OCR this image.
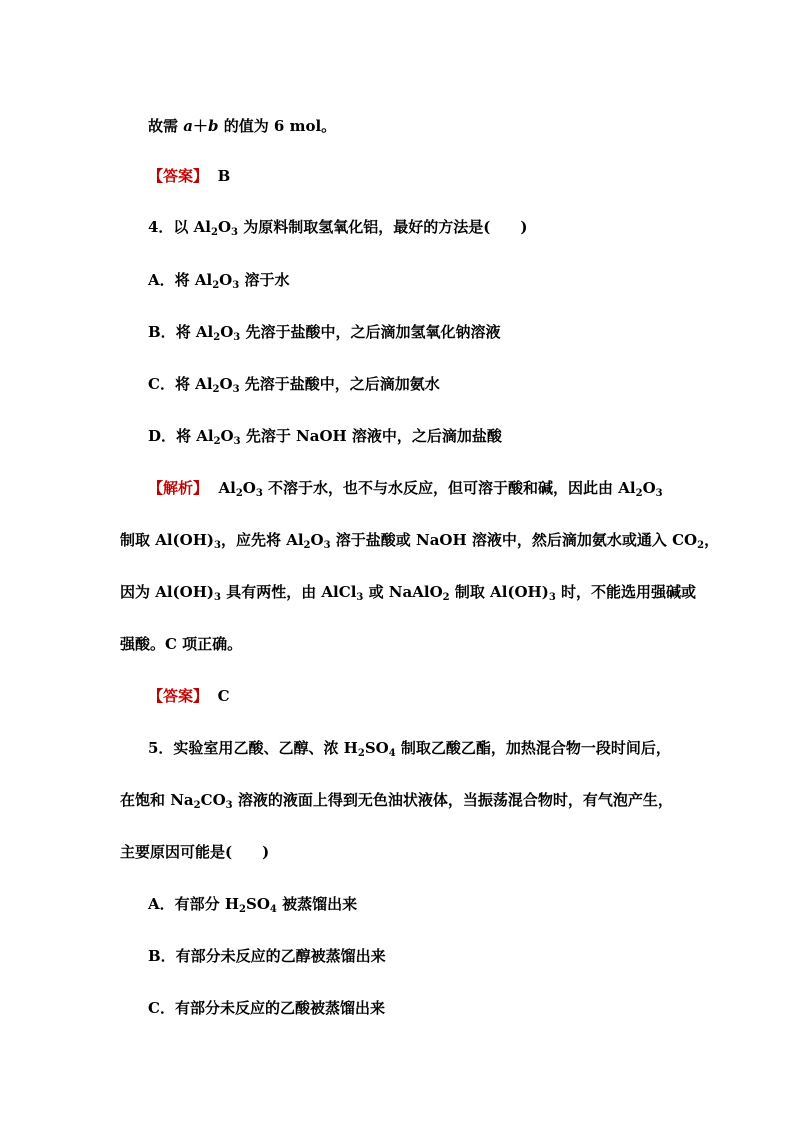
故需 a＋b 的值为 6 mol。
【答案】 B
4．以 $Al_2O_3$ 为原料制取氢氧化铝，最好的方法是(　　)
A．将 $Al_2O_3$ 溶于水
B．将 $Al_2O_3$ 先溶于盐酸中，之后滴加氢氧化钠溶液
C．将 $Al_2O_3$ 先溶于盐酸中，之后滴加氨水
D．将 $Al_2O_3$ 先溶于 NaOH 溶液中，之后滴加盐酸
【解析】 $Al_2O_3$ 不溶于水，也不与水反应，但可溶于酸和碱，因此由 $Al_2O_3$
制取 $Al(OH)_3$，应先将 $Al_2O_3$ 溶于盐酸或 NaOH 溶液中，然后滴加氨水或通入 $CO_2$，
因为 $Al(OH)_3$ 具有两性，由 AlCl$_3$ 或 NaAlO$_2$ 制取 $Al(OH)_3$ 时，不能选用强碱或
强酸。C 项正确。
【答案】 C
5．实验室用乙酸、乙醇、浓 $H_2SO_4$ 制取乙酸乙酯，加热混合物一段时间后，
在饱和 $Na_2CO_3$ 溶液的液面上得到无色油状液体，当振荡混合物时，有气泡产生，
主要原因可能是(　　)
A．有部分 $H_2SO_4$ 被蒸馏出来
B．有部分未反应的乙醇被蒸馏出来
C．有部分未反应的乙酸被蒸馏出来
